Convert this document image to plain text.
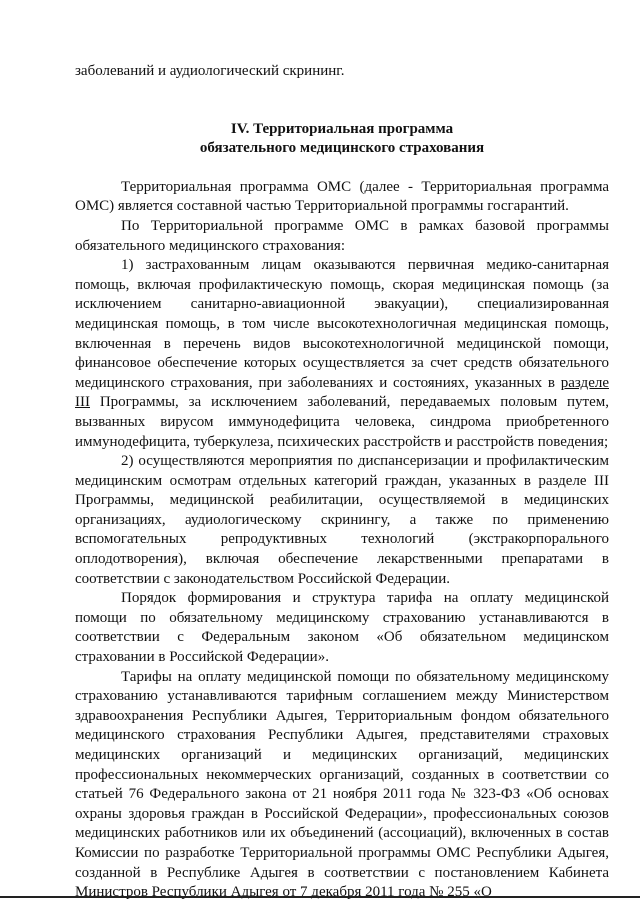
заболеваний и аудиологический скрининг.

IV. Территориальная программа

обязательного медицинского страхования

Территориальная программа ОМС (далее - Территориальная программа ОМС) является составной частью Территориальной программы госгарантий.

По Территориальной программе ОМС в рамках базовой программы обязательного медицинского страхования:

1) застрахованным лицам оказываются первичная медико-санитарная помощь, включая профилактическую помощь, скорая медицинская помощь (за исключением санитарно-авиационной эвакуации), специализированная медицинская помощь, в том числе высокотехнологичная медицинская помощь, включенная в перечень видов высокотехнологичной медицинской помощи, финансовое обеспечение которых осуществляется за счет средств обязательного медицинского страхования, при заболеваниях и состояниях, указанных в разделе III Программы, за исключением заболеваний, передаваемых половым путем, вызванных вирусом иммунодефицита человека, синдрома приобретенного иммунодефицита, туберкулеза, психических расстройств и расстройств поведения;

2) осуществляются мероприятия по диспансеризации и профилактическим медицинским осмотрам отдельных категорий граждан, указанных в разделе III Программы, медицинской реабилитации, осуществляемой в медицинских организациях, аудиологическому скринингу, а также по применению вспомогательных репродуктивных технологий (экстракорпорального оплодотворения), включая обеспечение лекарственными препаратами в соответствии с законодательством Российской Федерации.

Порядок формирования и структура тарифа на оплату медицинской помощи по обязательному медицинскому страхованию устанавливаются в соответствии с Федеральным законом «Об обязательном медицинском страховании в Российской Федерации».

Тарифы на оплату медицинской помощи по обязательному медицинскому страхованию устанавливаются тарифным соглашением между Министерством здравоохранения Республики Адыгея, Территориальным фондом обязательного медицинского страхования Республики Адыгея, представителями страховых медицинских организаций и медицинских организаций, медицинских профессиональных некоммерческих организаций, созданных в соответствии со статьей 76 Федерального закона от 21 ноября 2011 года № 323-ФЗ «Об основах охраны здоровья граждан в Российской Федерации», профессиональных союзов медицинских работников или их объединений (ассоциаций), включенных в состав Комиссии по разработке Территориальной программы ОМС Республики Адыгея, созданной в Республике Адыгея в соответствии с постановлением Кабинета Министров Республики Адыгея от 7 декабря 2011 года № 255 «О
